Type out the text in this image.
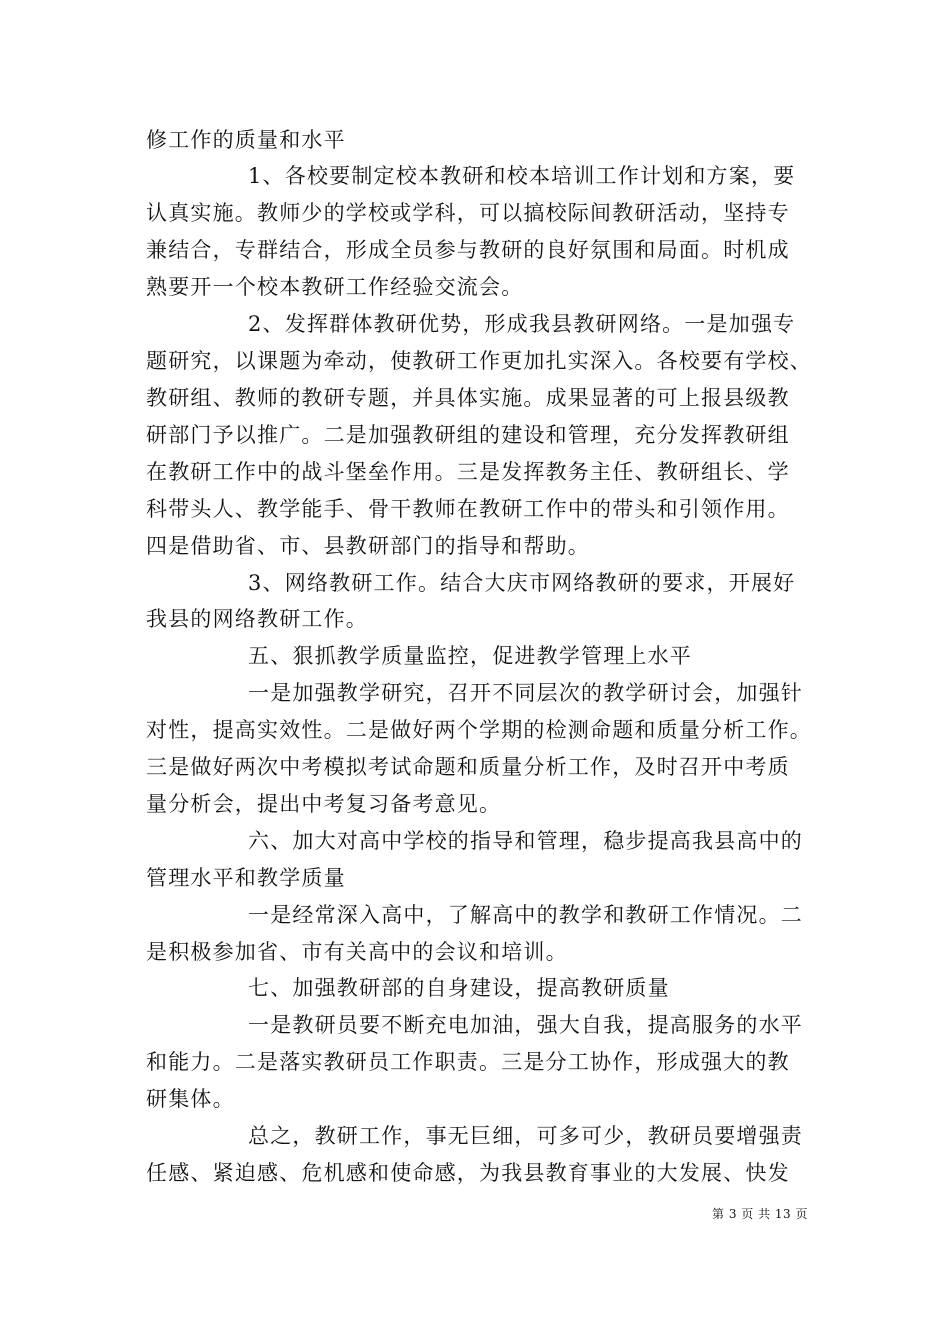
修工作的质量和水平
1、各校要制定校本教研和校本培训工作计划和方案，要
认真实施。教师少的学校或学科，可以搞校际间教研活动，坚持专
兼结合，专群结合，形成全员参与教研的良好氛围和局面。时机成
熟要开一个校本教研工作经验交流会。
2、发挥群体教研优势，形成我县教研网络。一是加强专
题研究，以课题为牵动，使教研工作更加扎实深入。各校要有学校、
教研组、教师的教研专题，并具体实施。成果显著的可上报县级教
研部门予以推广。二是加强教研组的建设和管理，充分发挥教研组
在教研工作中的战斗堡垒作用。三是发挥教务主任、教研组长、学
科带头人、教学能手、骨干教师在教研工作中的带头和引领作用。
四是借助省、市、县教研部门的指导和帮助。
3、网络教研工作。结合大庆市网络教研的要求，开展好
我县的网络教研工作。
五、狠抓教学质量监控，促进教学管理上水平
一是加强教学研究，召开不同层次的教学研讨会，加强针
对性，提高实效性。二是做好两个学期的检测命题和质量分析工作。
三是做好两次中考模拟考试命题和质量分析工作，及时召开中考质
量分析会，提出中考复习备考意见。
六、加大对高中学校的指导和管理，稳步提高我县高中的
管理水平和教学质量
一是经常深入高中，了解高中的教学和教研工作情况。二
是积极参加省、市有关高中的会议和培训。
七、加强教研部的自身建设，提高教研质量
一是教研员要不断充电加油，强大自我，提高服务的水平
和能力。二是落实教研员工作职责。三是分工协作，形成强大的教
研集体。
总之，教研工作，事无巨细，可多可少，教研员要增强责
任感、紧迫感、危机感和使命感，为我县教育事业的大发展、快发
第 3 页 共 13 页
